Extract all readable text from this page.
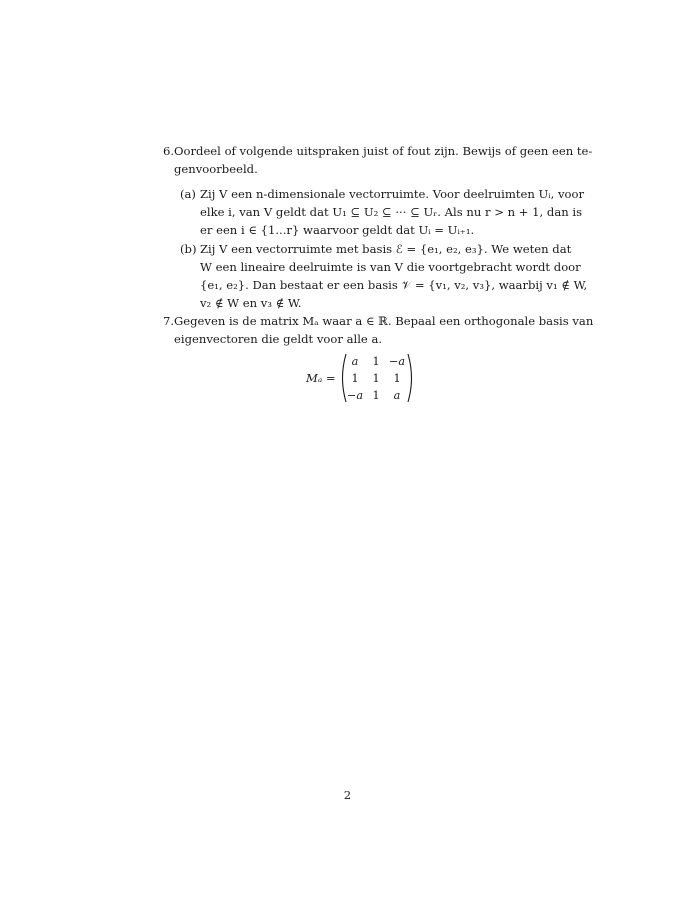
6. Oordeel of volgende uitspraken juist of fout zijn. Bewijs of geen een te-
genvoorbeeld.
(a) Zij V een n-dimensionale vectorruimte. Voor deelruimten Uᵢ, voor
elke i, van V geldt dat U₁ ⊆ U₂ ⊆ ··· ⊆ Uᵣ. Als nu r > n + 1, dan is
er een i ∈ {1...r} waarvoor geldt dat Uᵢ = Uᵢ₊₁.
(b) Zij V een vectorruimte met basis ℰ = {e₁, e₂, e₃}. We weten dat
W een lineaire deelruimte is van V die voortgebracht wordt door
{e₁, e₂}. Dan bestaat er een basis 𝒱 = {v₁, v₂, v₃}, waarbij v₁ ∉ W,
v₂ ∉ W en v₃ ∉ W.
7. Gegeven is de matrix Mₐ waar a ∈ ℝ. Bepaal een orthogonale basis van
eigenvectoren die geldt voor alle a.
Mₐ =
a 1 −a
1 1 1
−a 1 a
2
